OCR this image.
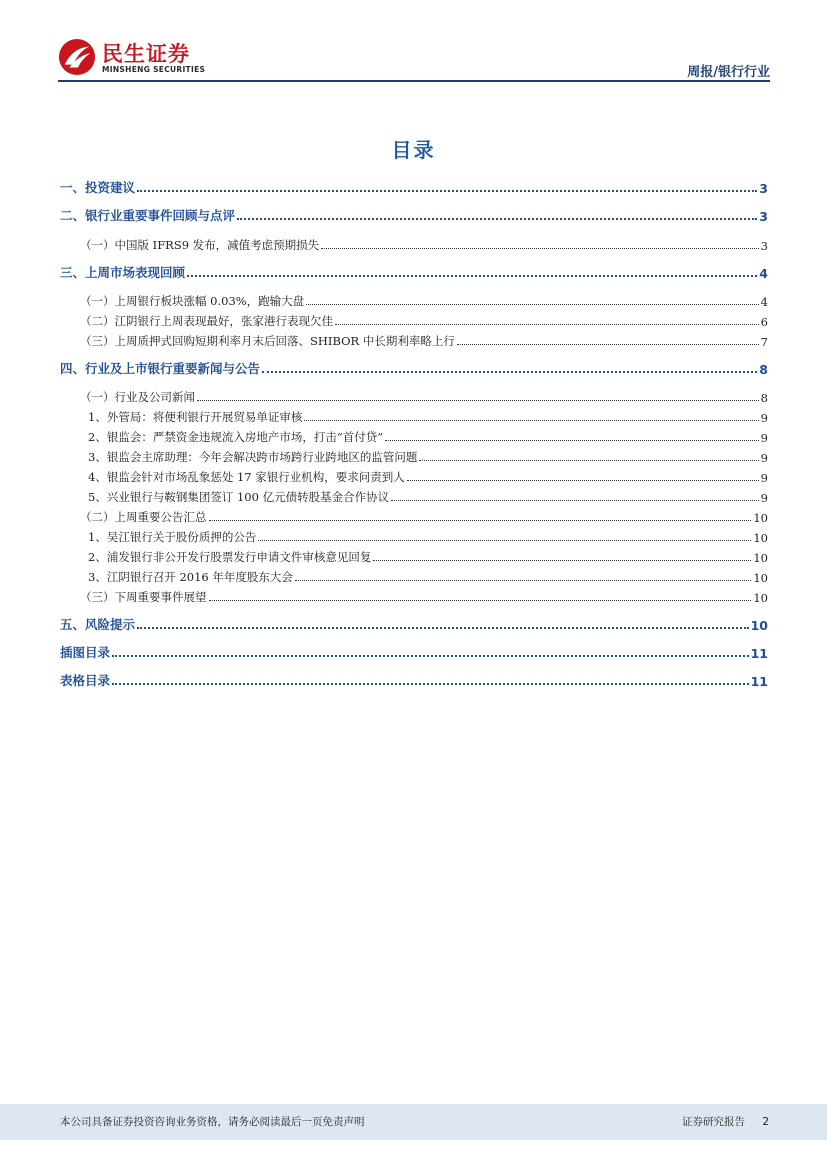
民生证券
MINSHENG SECURITIES	周报/银行行业
目录
一、投资建议	3
二、银行业重要事件回顾与点评	3
（一）中国版 IFRS9 发布，减值考虑预期损失	3
三、上周市场表现回顾	4
（一）上周银行板块涨幅 0.03%，跑输大盘	4
（二）江阴银行上周表现最好，张家港行表现欠佳	6
（三）上周质押式回购短期利率月末后回落、SHIBOR 中长期利率略上行	7
四、行业及上市银行重要新闻与公告	8
（一）行业及公司新闻	8
1、外管局：将便利银行开展贸易单证审核	9
2、银监会：严禁资金违规流入房地产市场，打击“首付贷”	9
3、银监会主席助理：今年会解决跨市场跨行业跨地区的监管问题	9
4、银监会针对市场乱象惩处 17 家银行业机构，要求问责到人	9
5、兴业银行与鞍钢集团签订 100 亿元债转股基金合作协议	9
（二）上周重要公告汇总	10
1、吴江银行关于股份质押的公告	10
2、浦发银行非公开发行股票发行申请文件审核意见回复	10
3、江阴银行召开 2016 年年度股东大会	10
（三）下周重要事件展望	10
五、风险提示	10
插图目录	11
表格目录	11
本公司具备证券投资咨询业务资格，请务必阅读最后一页免责声明	证券研究报告 2
